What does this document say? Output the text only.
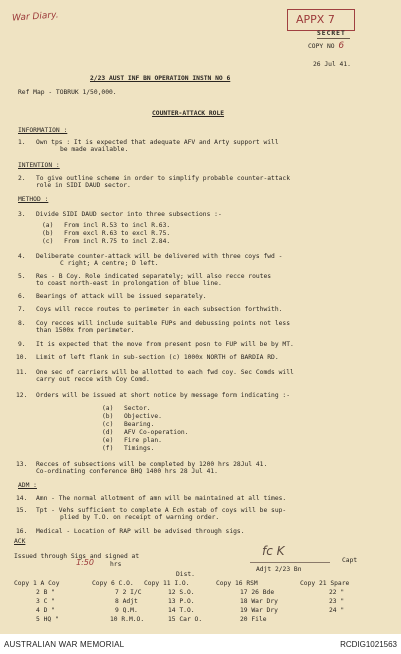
War Diary.	APPX 7
SECRET
COPY NO 6
26 Jul 41.
2/23 AUST INF BN OPERATION INSTN NO 6
Ref Map - TOBRUK 1/50,000.
COUNTER-ATTACK ROLE
INFORMATION :
1. Own tps : It is expected that adequate AFV and Arty support will
be made available.
INTENTION :
2. To give outline scheme in order to simplify probable counter-attack
role in SIDI DAUD sector.
METHOD :
3. Divide SIDI DAUD sector into three subsections :-
(a) From incl R.53 to incl R.63.
(b) From excl R.63 to excl R.75.
(c) From incl R.75 to incl Z.84.
4. Deliberate counter-attack will be delivered with three coys fwd -
C right; A centre; D left.
5. Res - B Coy. Role indicated separately; will also recce routes
to coast north-east in prolongation of blue line.
6. Bearings of attack will be issued separately.
7. Coys will recce routes to perimeter in each subsection forthwith.
8. Coy recces will include suitable FUPs and debussing points not less
than 1500x from perimeter.
9. It is expected that the move from present posn to FUP will be by MT.
10. Limit of left flank in sub-section (c) 1000x NORTH of BARDIA RD.
11. One sec of carriers will be allotted to each fwd coy. Sec Comds will
carry out recce with Coy Comd.
12. Orders will be issued at short notice by message form indicating :-
(a) Sector.
(b) Objective.
(c) Bearing.
(d) AFV Co-operation.
(e) Fire plan.
(f) Timings.
13. Recces of subsections will be completed by 1200 hrs 28Jul 41.
Co-ordinating conference BHQ 1400 hrs 28 Jul 41.
ADM :
14. Amn - The normal allotment of amn will be maintained at all times.
15. Tpt - Vehs sufficient to complete A Ech estab of coys will be sup-
plied by T.O. on receipt of warning order.
16. Medical - Location of RAP will be advised through sigs.
ACK
Issued through Sigs and signed at
1:50	hrs
fc K
Capt
Adjt 2/23 Bn
Dist.
Copy 1 A Coy	Copy 6 C.O. Copy 11 I.O.	Copy 16 RSM	Copy 21 Spare
2 B "	7 2 I/C	12 S.O.	17 26 Bde	22 "
3 C "	8 Adjt	13 P.O.	18 War Dry	23 "
4 D "	9 Q.M.	14 T.O.	19 War Dry	24 "
5 HQ "	10 R.M.O.	15 Car O.	20 File
AUSTRALIAN WAR MEMORIAL	RCDIG1021563
